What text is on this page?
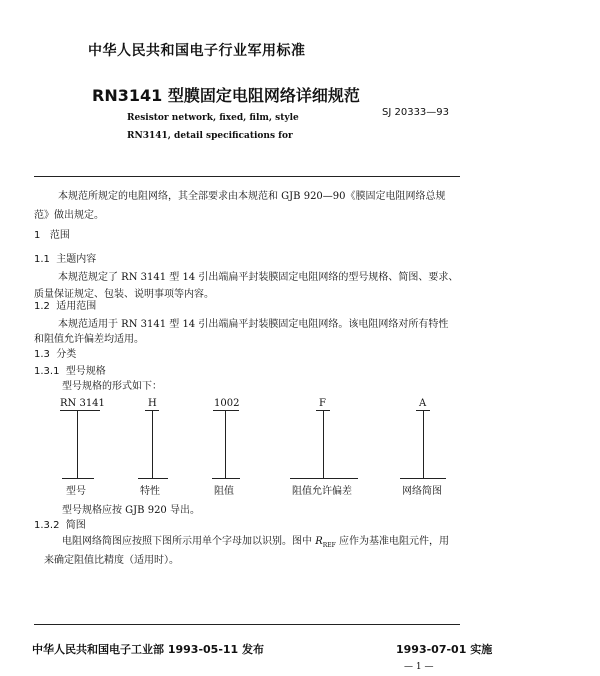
中华人民共和国电子行业军用标准
RN3141 型膜固定电阻网络详细规范
SJ 20333—93
Resistor network, fixed, film, style
RN3141, detail specifications for
本规范所规定的电阻网络，其全部要求由本规范和 GJB 920—90《膜固定电阻网络总规
范》做出规定。
1 范围
1.1 主题内容
本规范规定了 RN 3141 型 14 引出端扁平封装膜固定电阻网络的型号规格、简图、要求、
质量保证规定、包装、说明事项等内容。
1.2 适用范围
本规范适用于 RN 3141 型 14 引出端扁平封装膜固定电阻网络。该电阻网络对所有特性
和阻值允许偏差均适用。
1.3 分类
1.3.1 型号规格
型号规格的形式如下：
RN 3141
型号
H
特性
1002
阻值
F
阻值允许偏差
A
网络简图
型号规格应按 GJB 920 导出。
1.3.2 简图
电阻网络简图应按照下图所示用单个字母加以识别。图中 $R_{REF}$ 应作为基准电阻元件，用
来确定阻值比精度（适用时）。
中华人民共和国电子工业部 1993-05-11 发布	1993-07-01 实施
— 1 —
